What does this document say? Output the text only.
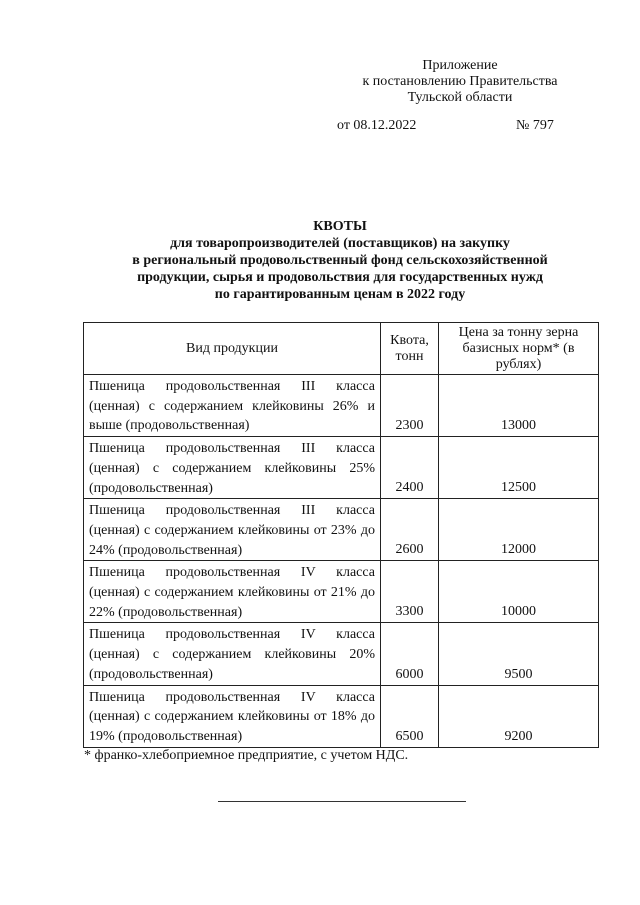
Приложение
к постановлению Правительства
Тульской области
от 08.12.2022	№ 797
КВОТЫ
для товаропроизводителей (поставщиков) на закупку
в региональный продовольственный фонд сельскохозяйственной
продукции, сырья и продовольствия для государственных нужд
по гарантированным ценам в 2022 году
Вид продукции	Квота, тонн	Цена за тонну зерна базисных норм* (в рублях)
Пшеница продовольственная III класса (ценная) с содержанием клейковины 26% и выше (продовольственная)	2300	13000
Пшеница продовольственная III класса (ценная) с содержанием клейковины 25% (продовольственная)	2400	12500
Пшеница продовольственная III класса (ценная) с содержанием клейковины от 23% до 24% (продовольственная)	2600	12000
Пшеница продовольственная IV класса (ценная) с содержанием клейковины от 21% до 22% (продовольственная)	3300	10000
Пшеница продовольственная IV класса (ценная) с содержанием клейковины 20% (продовольственная)	6000	9500
Пшеница продовольственная IV класса (ценная) с содержанием клейковины от 18% до 19% (продовольственная)	6500	9200
* франко-хлебоприемное предприятие, с учетом НДС.
